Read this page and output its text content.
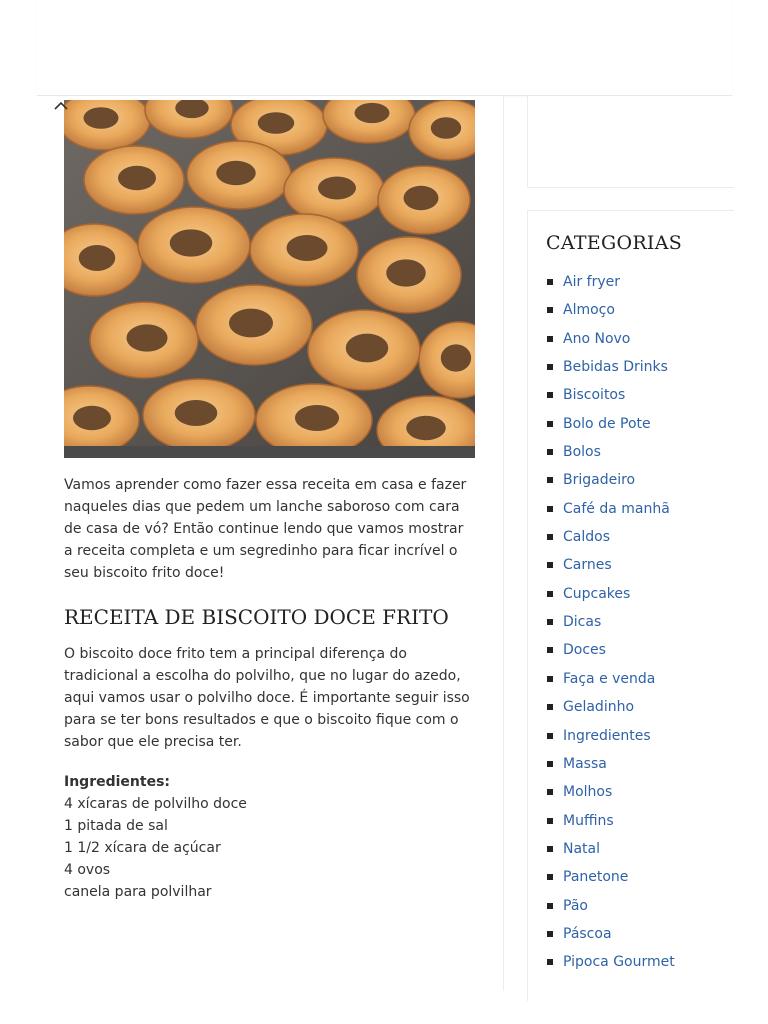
Vamos aprender como fazer essa receita em casa e fazer naqueles dias que pedem um lanche saboroso com cara de casa de vó? Então continue lendo que vamos mostrar a receita completa e um segredinho para ficar incrível o seu biscoito frito doce!

RECEITA DE BISCOITO DOCE FRITO

O biscoito doce frito tem a principal diferença do tradicional a escolha do polvilho, que no lugar do azedo, aqui vamos usar o polvilho doce. É importante seguir isso para se ter bons resultados e que o biscoito fique com o sabor que ele precisa ter.

Ingredientes:
4 xícaras de polvilho doce
1 pitada de sal
1 1/2 xícara de açúcar
4 ovos
canela para polvilhar
CATEGORIAS
Air fryer
Almoço
Ano Novo
Bebidas Drinks
Biscoitos
Bolo de Pote
Bolos
Brigadeiro
Café da manhã
Caldos
Carnes
Cupcakes
Dicas
Doces
Faça e venda
Geladinho
Ingredientes
Massa
Molhos
Muffins
Natal
Panetone
Pão
Páscoa
Pipoca Gourmet
